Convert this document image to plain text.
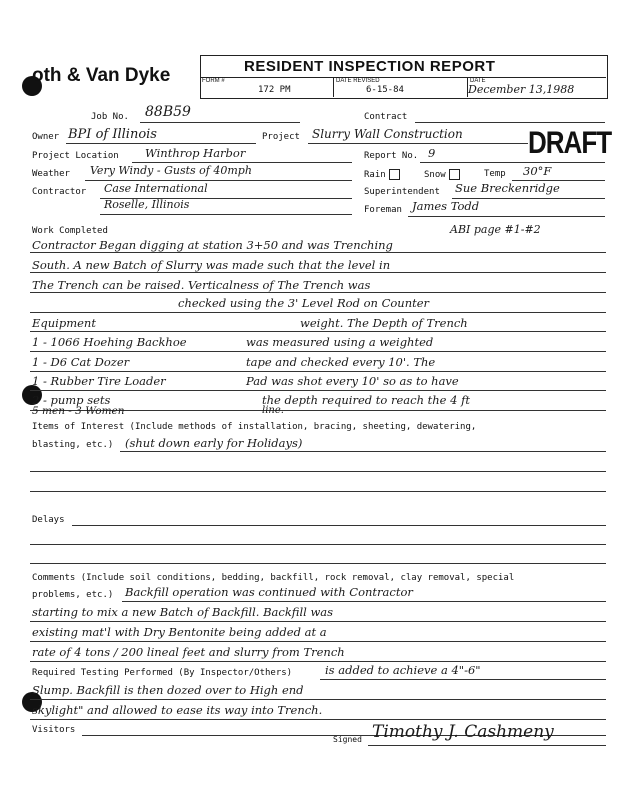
oth & Van Dyke	RESIDENT INSPECTION REPORT
FORM #
172 PM
DATE REVISED
6-15-84
DATE
December 13,1988
DRAFT
Job No. 88B59	Contract
Owner BPI of Illinois	Project Slurry Wall Construction
Project Location Winthrop Harbor	Report No. 9
Weather Very Windy - Gusts of 40mph	Rain	Snow	Temp 30°F
Contractor Case International
Roselle, Illinois
Superintendent Sue Breckenridge
Foreman James Todd
Work Completed	ABI page #1-#2
Contractor Began digging at station 3+50 and was Trenching
South. A new Batch of Slurry was made such that the level in
The Trench can be raised. Verticalness of The Trench was
checked using the 3' Level Rod on Counter
weight. The Depth of Trench
was measured using a weighted
tape and checked every 10'. The
Pad was shot every 10' so as to have
the depth required to reach the 4 ft
line.
Equipment
1 - 1066 Hoehing Backhoe
1 - D6 Cat Dozer
1 - Rubber Tire Loader
2 - pump sets
5 men - 3 Women
Items of Interest (Include methods of installation, bracing, sheeting, dewatering,
blasting, etc.) (shut down early for Holidays)
Delays
Comments (Include soil conditions, bedding, backfill, rock removal, clay removal, special
problems, etc.) Backfill operation was continued with Contractor
starting to mix a new Batch of Backfill. Backfill was
existing mat'l with Dry Bentonite being added at a
rate of 4 tons / 200 lineal feet and slurry from Trench
Required Testing Performed (By Inspector/Others)	is added to achieve a 4"-6"
Slump. Backfill is then dozed over to High end
skylight" and allowed to ease its way into Trench.
Visitors
Signed Timothy J. Cashmeny
